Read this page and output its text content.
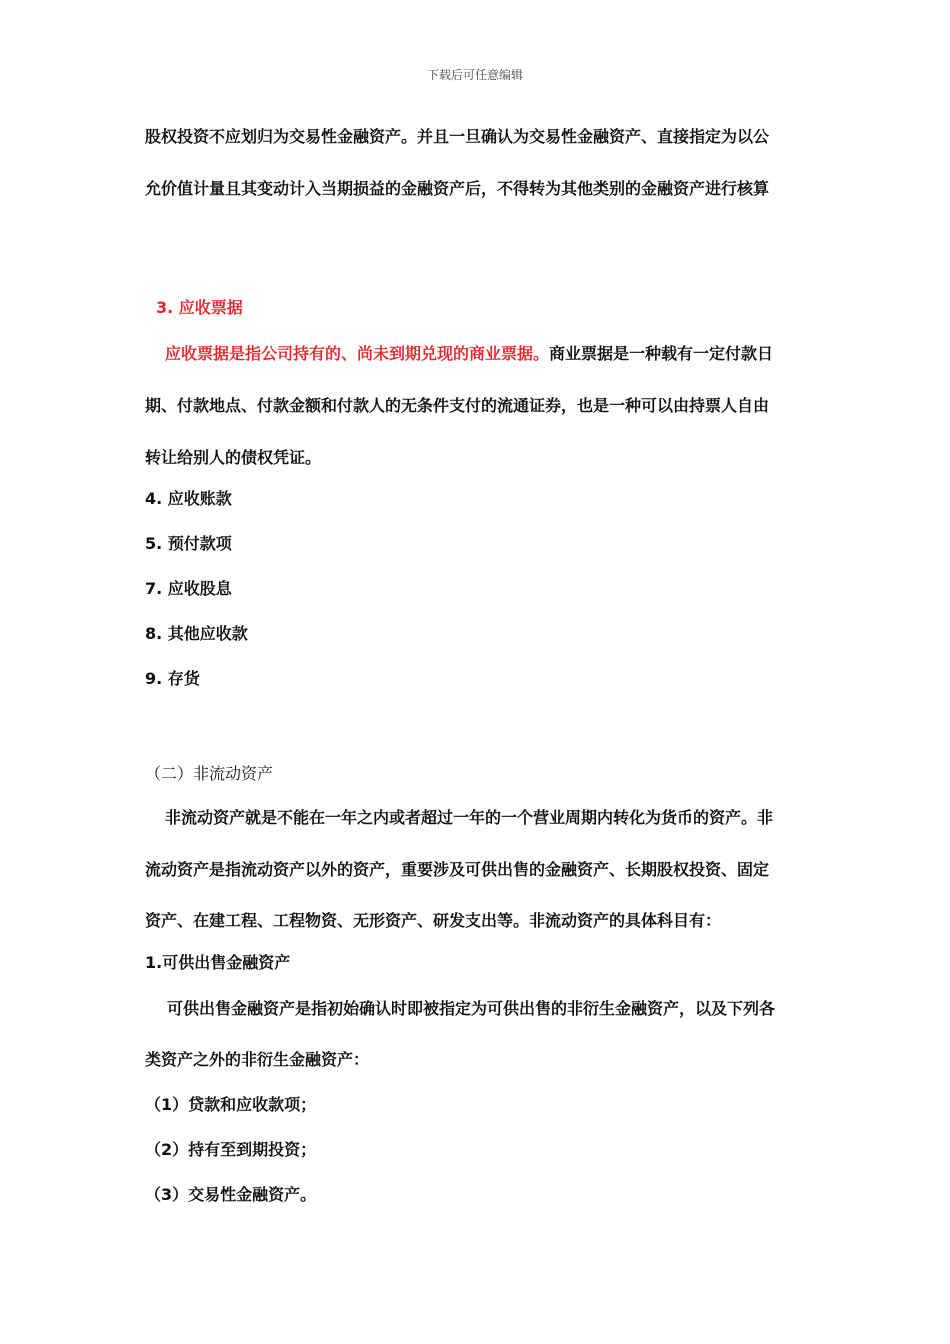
下载后可任意编辑
股权投资不应划归为交易性金融资产。并且一旦确认为交易性金融资产、直接指定为以公
允价值计量且其变动计入当期损益的金融资产后，不得转为其他类别的金融资产进行核算
3. 应收票据
应收票据是指公司持有的、尚未到期兑现的商业票据。商业票据是一种载有一定付款日
期、付款地点、付款金额和付款人的无条件支付的流通证券，也是一种可以由持票人自由
转让给别人的债权凭证。
4. 应收账款
5. 预付款项
7. 应收股息
8. 其他应收款
9. 存货
（二）非流动资产
非流动资产就是不能在一年之内或者超过一年的一个营业周期内转化为货币的资产。非
流动资产是指流动资产以外的资产，重要涉及可供出售的金融资产、长期股权投资、固定
资产、在建工程、工程物资、无形资产、研发支出等。非流动资产的具体科目有：
1.可供出售金融资产
可供出售金融资产是指初始确认时即被指定为可供出售的非衍生金融资产，以及下列各
类资产之外的非衍生金融资产：
（1）贷款和应收款项；
（2）持有至到期投资；
（3）交易性金融资产。
